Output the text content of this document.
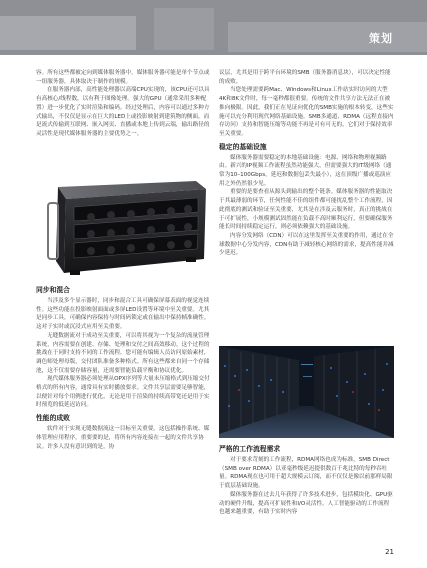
策划

容。所有这些都被定向到媒体服务器中，媒体服务器可能是单个节点或一组服务器，具体取决于制作的规模。

在服务器内部，高性能处理器以高端CPU实现的，该CPU还可以具有高核心/线程数，以有利于图像处理。强大的GPU（通常采用多种配置）进一步优化了实时渲染和编码。经过处理后，内容可以通过多种方式输出，不仅仅是显示在巨大的LED上或投影映射到建筑物的侧面，而是流式传输到互联网、嵌入网页、直播或本地上传到云端，输出路径的灵活性是现代媒体服务器的主要优势之一。

同步和混合

当涉及多个显示器时，同步和混合工具可确保屏幕表面的视觉连续性。这些功能在投影映射面面或多屏LED设置等环境中至关重要。尤其是同步工具，可确保内容保持与时间码锁定或在输出中保持帧准确性。这对于实时或沉浸式应用至关重要。

无缝数据流对于成功至关重要，可以将其视为一个复杂的流量管理系统，内容需要在创建、存储、处理和交付之间高效移动。这个过程的挑战在于同时支持不同的工作流程。您可能有编辑人员访问原始素材，调色师处理母版，交付团队准备多种格式。所有这些都来自同一个存储池，这不仅需要存储容量，还需要智能负载平衡和协议优化。

现代媒体服务器必须处理从OPX序列等大量未压缩格式到压缩交付格式的所有内容，通常具有实时播放要求。文件共享层需要足够智能，以便针对每个用例进行优化，无论是用于渲染的持续高带宽还是用于实时预览的低延迟访问。

性能的成败

软件对于实现无缝数据流这一目标至关重要。这包括操作系统、媒体管理应用程序，重要要的是，将所有内容连接在一起的文件共享协议。许多人没有意识到的是，协

议层，尤其是用于跨平台环境的SMB（服务器消息块），可以决定性能的成败。

当您处理需要跨Mac、Windows和Linux工作站实时访问的大型4K和8K文件时，每一毫秒都很重要。传统的文件共享方法无法正在被推向极限。因此，我们正在见证向优化的SMB实施的根本转变，这些实施可以充分利用现代网络基础设施。SMB多通道、RDMA（远程直接内存访问）支持和智能压缩等功能不再是可有可无的，它们对于保持效率至关重要。

稳定的基础设施

媒体服务器需要稳定的本地基础设施：电源、网络和物理视频路由。新兴的IP视频工作流程虽然功能强大，但需要强大的IT级网络（通常为10–100Gbps，延迟和数据包丢失最小），这在顶级广播或巡演应用之外仍然很少见。

重要的是要查看从源头到输出的整个链条。媒体服务器的性能取决于其最薄弱的环节，任何性能不佳的组件都可能扰乱整个工作流程，因此彻底的测试和验证至关重要，尤其是在涉及云服务时，真正的挑战在于可扩展性，小规模测试固然能在负载不高时顺利运行，但要确保服务能长时间持续稳定运行，则必须依赖强大的基础设施。

内容分发网络（CDN）可以在这里发挥至关重要的作用，通过在全球数据中心分发内容，CDN有助于减轻核心网络的需求，提高性能并减少延迟。

严格的工作流程需求

对于要求苛刻的工作流程，RDMA网络也成为标准，SMB Direct（SMB over RDMA）以亚毫秒级延迟提供数百千兆比特的每秒吞吐量。RDMA现在也可用于超大规模云订阅，而不仅仅是像以前那样局限于底层基础设施。

媒体服务器在过去几年获得了许多技术进步，包括模块化、GPU驱动的硬件升级，提高可扩展性和I/O灵活性。人工智能驱动的工作流程也越来越重要，有助于实时内容

21
